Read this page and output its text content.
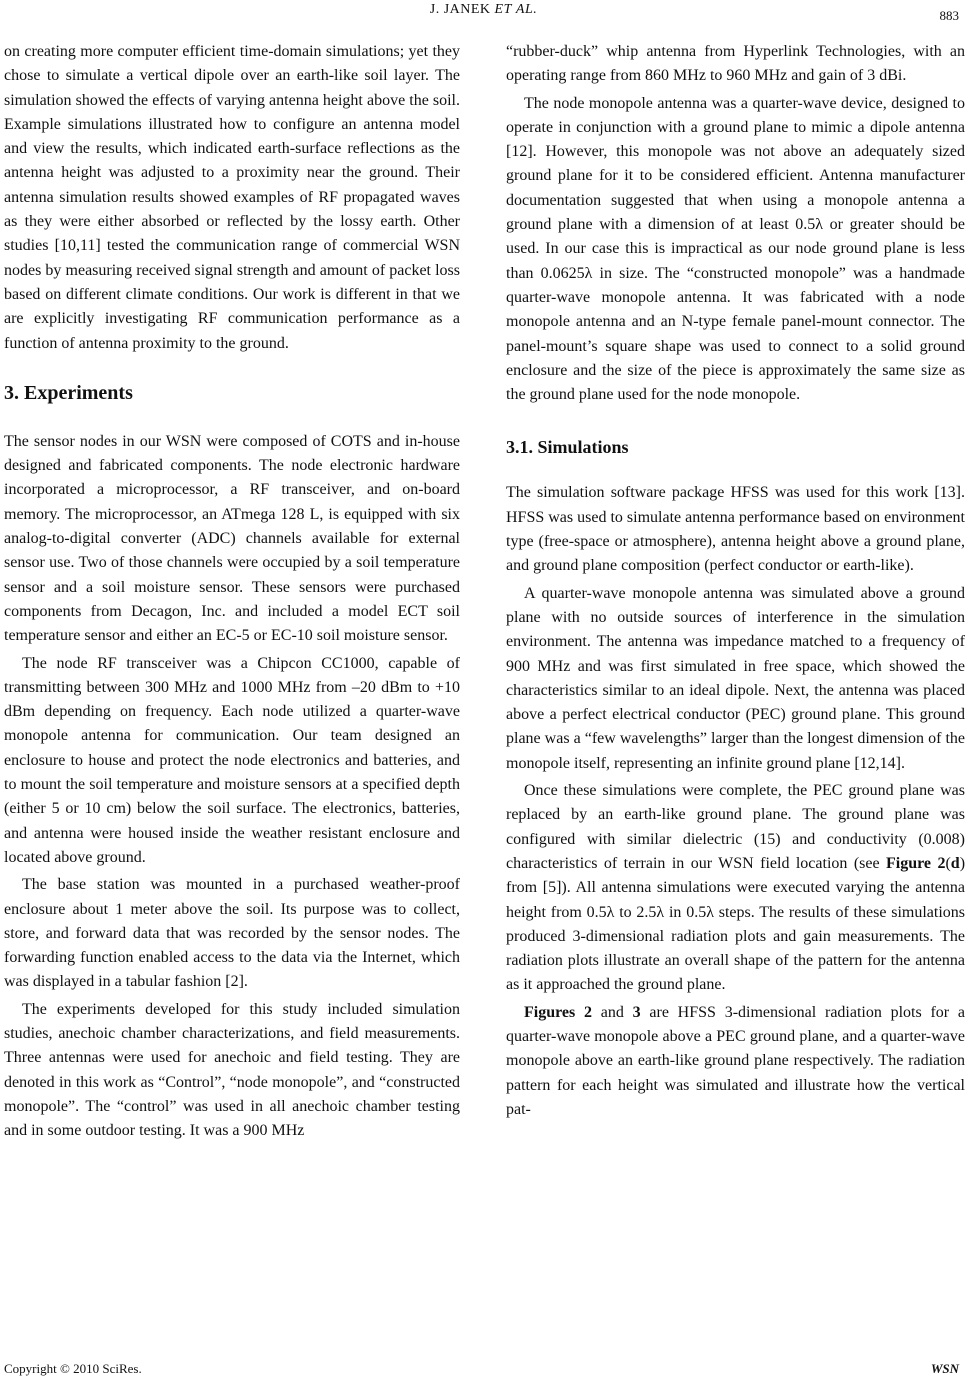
J. JANEK ET AL.	883

on creating more computer efficient time-domain simulations; yet they chose to simulate a vertical dipole over an earth-like soil layer. The simulation showed the effects of varying antenna height above the soil. Example simulations illustrated how to configure an antenna model and view the results, which indicated earth-surface reflections as the antenna height was adjusted to a proximity near the ground. Their antenna simulation results showed examples of RF propagated waves as they were either absorbed or reflected by the lossy earth. Other studies [10,11] tested the communication range of commercial WSN nodes by measuring received signal strength and amount of packet loss based on different climate conditions. Our work is different in that we are explicitly investigating RF communication performance as a function of antenna proximity to the ground.

3. Experiments

The sensor nodes in our WSN were composed of COTS and in-house designed and fabricated components. The node electronic hardware incorporated a microprocessor, a RF transceiver, and on-board memory. The microprocessor, an ATmega 128 L, is equipped with six analog-to-digital converter (ADC) channels available for external sensor use. Two of those channels were occupied by a soil temperature sensor and a soil moisture sensor. These sensors were purchased components from Decagon, Inc. and included a model ECT soil temperature sensor and either an EC-5 or EC-10 soil moisture sensor.

The node RF transceiver was a Chipcon CC1000, capable of transmitting between 300 MHz and 1000 MHz from –20 dBm to +10 dBm depending on frequency. Each node utilized a quarter-wave monopole antenna for communication. Our team designed an enclosure to house and protect the node electronics and batteries, and to mount the soil temperature and moisture sensors at a specified depth (either 5 or 10 cm) below the soil surface. The electronics, batteries, and antenna were housed inside the weather resistant enclosure and located above ground.

The base station was mounted in a purchased weather-proof enclosure about 1 meter above the soil. Its purpose was to collect, store, and forward data that was recorded by the sensor nodes. The forwarding function enabled access to the data via the Internet, which was displayed in a tabular fashion [2].

The experiments developed for this study included simulation studies, anechoic chamber characterizations, and field measurements. Three antennas were used for anechoic and field testing. They are denoted in this work as “Control”, “node monopole”, and “constructed monopole”. The “control” was used in all anechoic chamber testing and in some outdoor testing. It was a 900 MHz

“rubber-duck” whip antenna from Hyperlink Technologies, with an operating range from 860 MHz to 960 MHz and gain of 3 dBi.

The node monopole antenna was a quarter-wave device, designed to operate in conjunction with a ground plane to mimic a dipole antenna [12]. However, this monopole was not above an adequately sized ground plane for it to be considered efficient. Antenna manufacturer documentation suggested that when using a monopole antenna a ground plane with a dimension of at least 0.5λ or greater should be used. In our case this is impractical as our node ground plane is less than 0.0625λ in size. The “constructed monopole” was a handmade quarter-wave monopole antenna. It was fabricated with a node monopole antenna and an N-type female panel-mount connector. The panel-mount’s square shape was used to connect to a solid ground enclosure and the size of the piece is approximately the same size as the ground plane used for the node monopole.

3.1. Simulations

The simulation software package HFSS was used for this work [13]. HFSS was used to simulate antenna performance based on environment type (free-space or atmosphere), antenna height above a ground plane, and ground plane composition (perfect conductor or earth-like).

A quarter-wave monopole antenna was simulated above a ground plane with no outside sources of interference in the simulation environment. The antenna was impedance matched to a frequency of 900 MHz and was first simulated in free space, which showed the characteristics similar to an ideal dipole. Next, the antenna was placed above a perfect electrical conductor (PEC) ground plane. This ground plane was a “few wavelengths” larger than the longest dimension of the monopole itself, representing an infinite ground plane [12,14].

Once these simulations were complete, the PEC ground plane was replaced by an earth-like ground plane. The ground plane was configured with similar dielectric (15) and conductivity (0.008) characteristics of terrain in our WSN field location (see Figure 2(d) from [5]). All antenna simulations were executed varying the antenna height from 0.5λ to 2.5λ in 0.5λ steps. The results of these simulations produced 3-dimensional radiation plots and gain measurements. The radiation plots illustrate an overall shape of the pattern for the antenna as it approached the ground plane.

Figures 2 and 3 are HFSS 3-dimensional radiation plots for a quarter-wave monopole above a PEC ground plane, and a quarter-wave monopole above an earth-like ground plane respectively. The radiation pattern for each height was simulated and illustrate how the vertical pat-

Copyright © 2010 SciRes.	WSN
